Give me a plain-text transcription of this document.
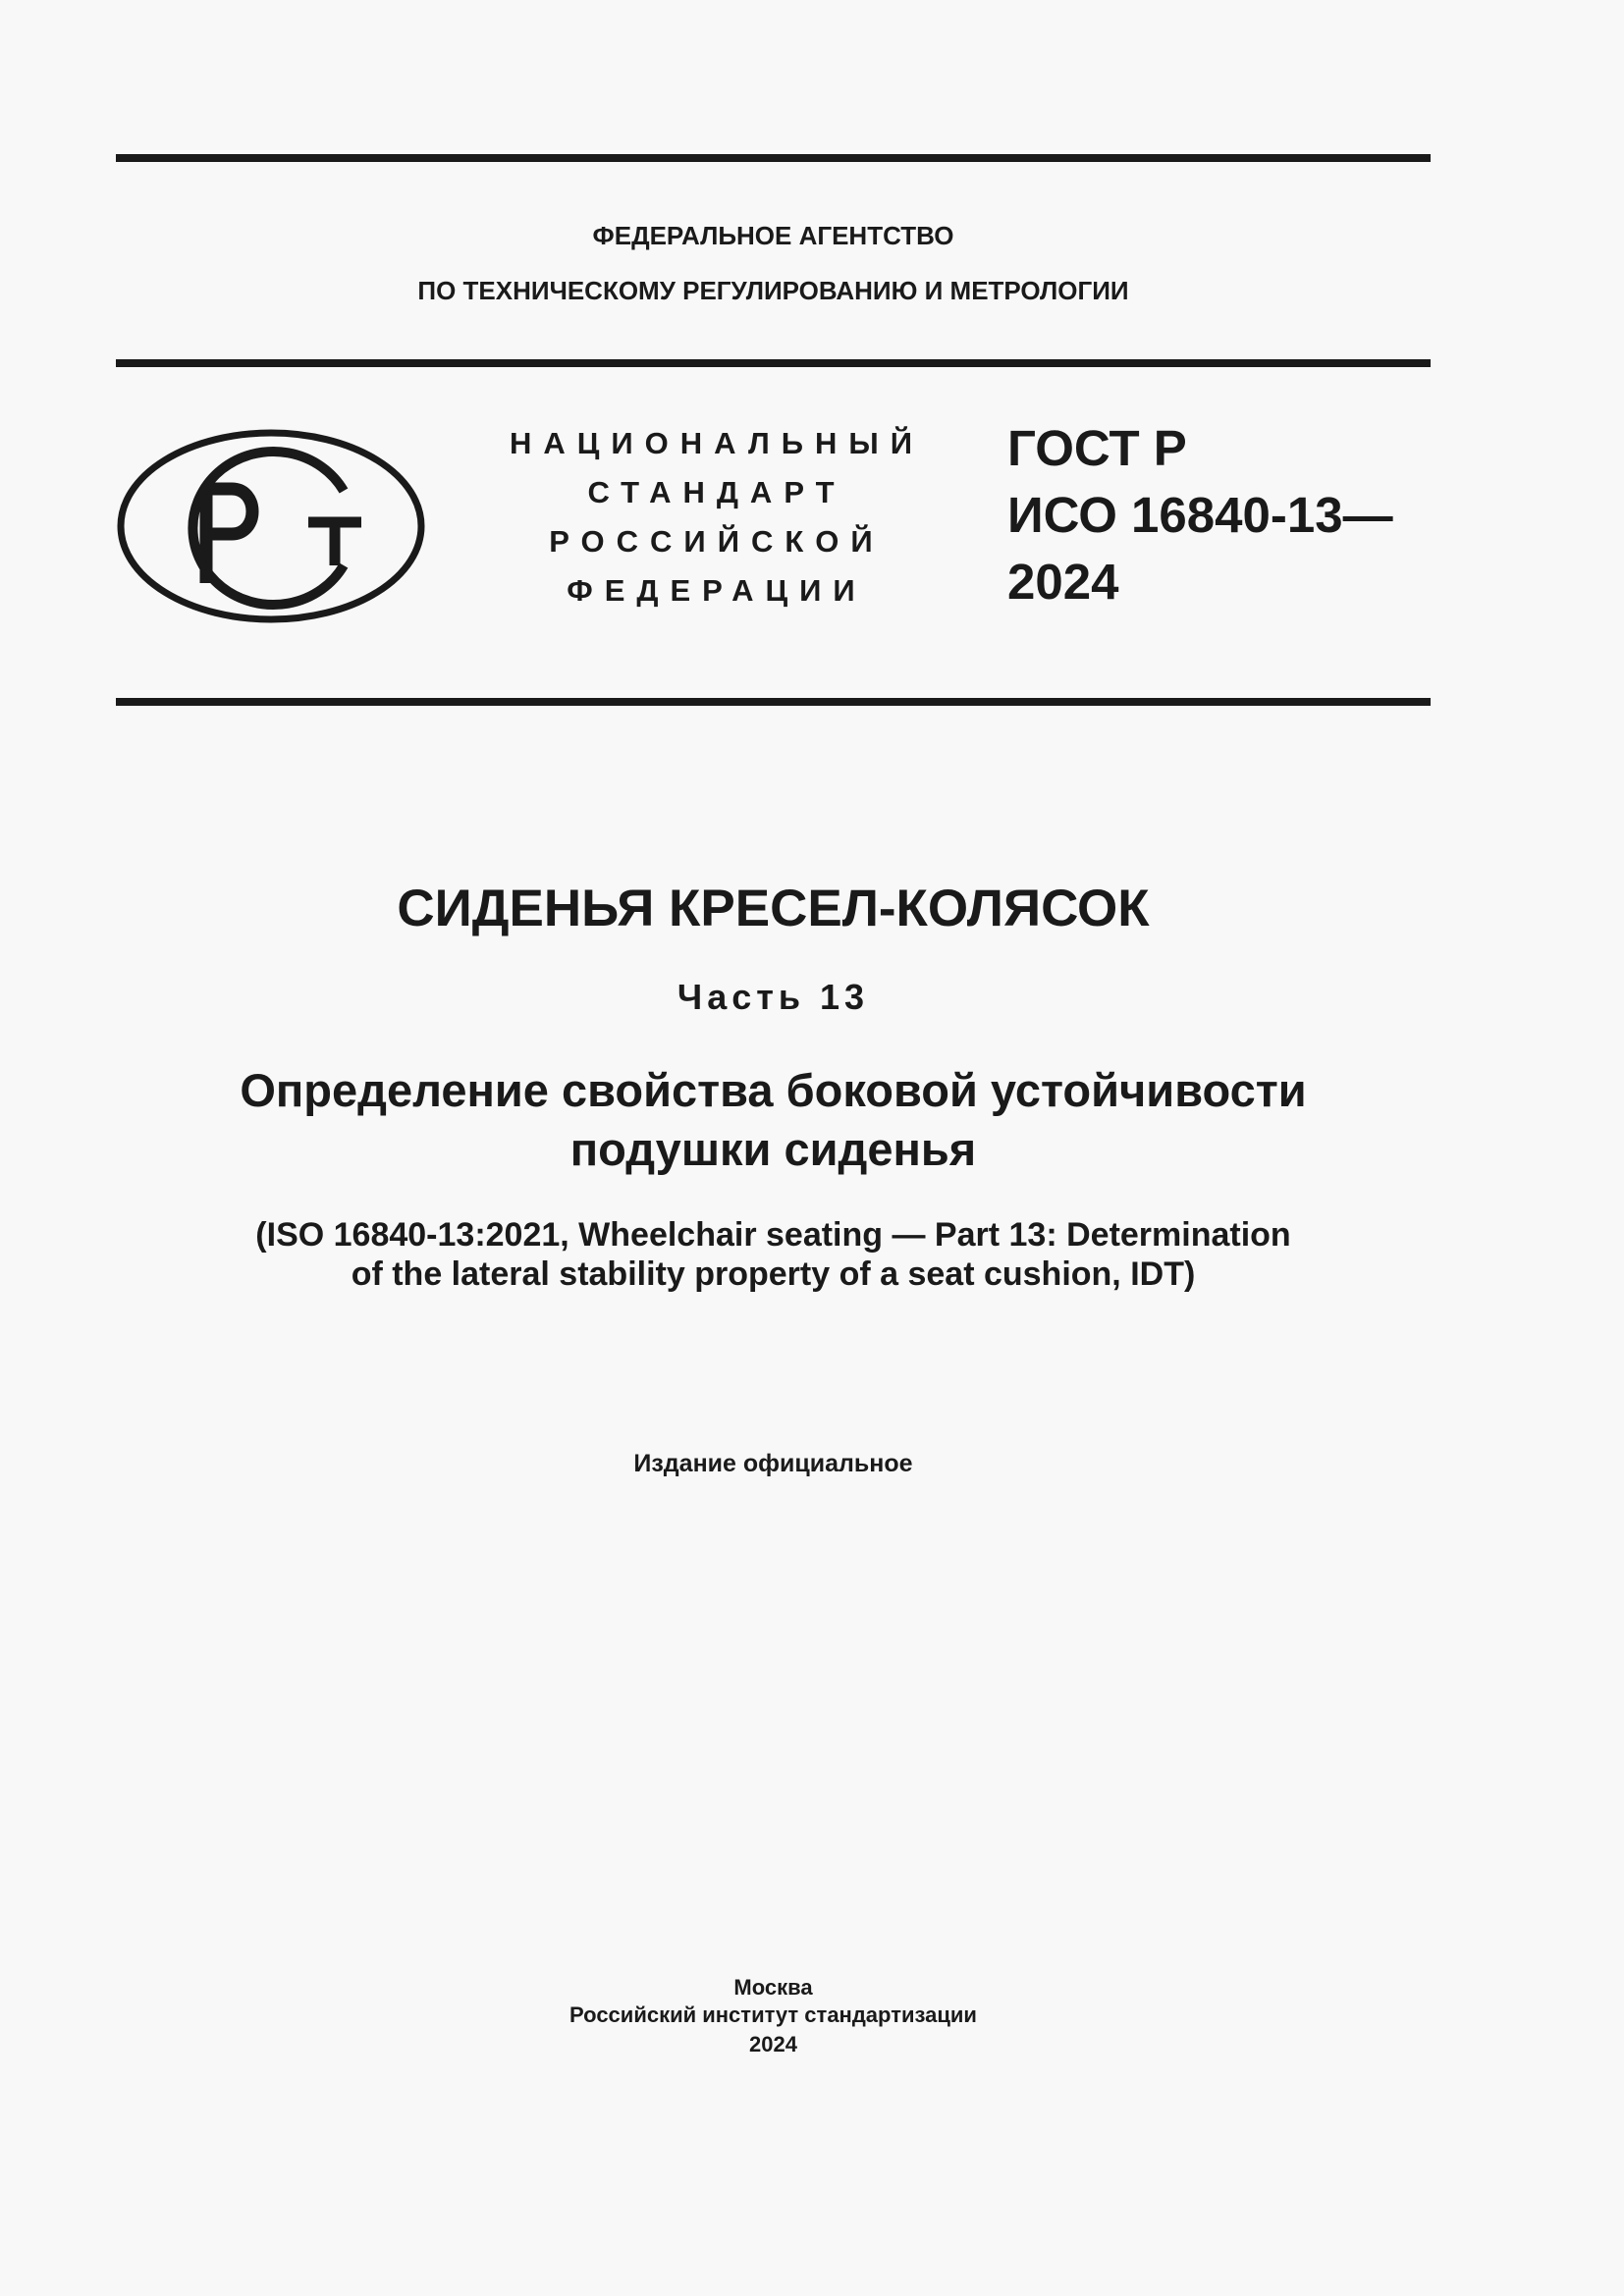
ФЕДЕРАЛЬНОЕ АГЕНТСТВО
ПО ТЕХНИЧЕСКОМУ РЕГУЛИРОВАНИЮ И МЕТРОЛОГИИ
НАЦИОНАЛЬНЫЙ
СТАНДАРТ
РОССИЙСКОЙ
ФЕДЕРАЦИИ
ГОСТ Р
ИСО 16840-13—
2024
СИДЕНЬЯ КРЕСЕЛ-КОЛЯСОК
Часть 13
Определение свойства боковой устойчивости
подушки сиденья
(ISO 16840-13:2021, Wheelchair seating — Part 13: Determination
of the lateral stability property of a seat cushion, IDT)
Издание официальное
Москва
Российский институт стандартизации
2024
